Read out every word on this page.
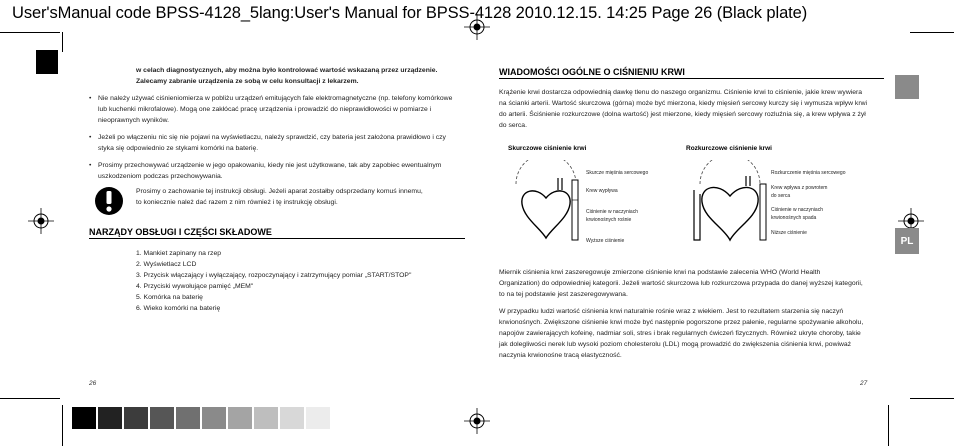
User'sManual code BPSS-4128_5lang:User's Manual for BPSS-4128 2010.12.15. 14:25 Page 26 (Black plate)
PL
w celach diagnostycznych, aby można było kontrolować wartość wskazaną przez urządzenie.
Zalecamy zabranie urządzenia ze sobą w celu konsultacji z lekarzem.
• Nie należy używać ciśnieniomierza w pobliżu urządzeń emitujących fale elektromagnetyczne (np. telefony komórkowe
lub kuchenki mikrofalowe). Mogą one zakłócać pracę urządzenia i prowadzić do nieprawidłowości w pomiarze i
nieoprawnych wyników.
• Jeżeli po włączeniu nic się nie pojawi na wyświetlaczu, należy sprawdzić, czy bateria jest założona prawidłowo i czy
styka się odpowiednio ze stykami komórki na baterię.
• Prosimy przechowywać urządzenie w jego opakowaniu, kiedy nie jest użytkowane, tak aby zapobiec ewentualnym
uszkodzeniom podczas przechowywania.
Prosimy o zachowanie tej instrukcji obsługi. Jeżeli aparat zostałby odsprzedany komuś innemu,
to koniecznie należ dać razem z nim również i tę instrukcję obsługi.
NARZĄDY OBSŁUGI I CZĘŚCI SKŁADOWE
1. Mankiet zapinany na rzep
2. Wyświetlacz LCD
3. Przycisk włączający i wyłączający, rozpoczynający i zatrzymujący pomiar „START/STOP"
4. Przyciski wywołujące pamięć „MEM"
5. Komórka na baterię
6. Wieko komórki na baterię
26
WIADOMOŚCI OGÓLNE O CIŚNIENIU KRWI
Krążenie krwi dostarcza odpowiednią dawkę tlenu do naszego organizmu. Ciśnienie krwi to ciśnienie, jakie krew wywiera
na ścianki arterii. Wartość skurczowa (górna) może być mierzona, kiedy mięsień sercowy kurczy się i wymusza wpływ krwi
do arterii. Ściśnienie rozkurczowe (dolna wartość) jest mierzone, kiedy mięsień sercowy rozluźnia się, a krew wpływa z żył
do serca.
Skurczowe ciśnienie krwi	Rozkurczowe ciśnienie krwi
Skurcze mięśnia sercowego
Krew wypływa
Ciśnienie w naczyniach
krwionośnych rośnie
Wyższe ciśnienie
Rozkurczenie mięśnia sercowego
Krew wpływa z powrotem
do serca
Ciśnienie w naczyniach
krwionośnych spada
Niższe ciśnienie
Miernik ciśnienia krwi zaszeregowuje zmierzone ciśnienie krwi na podstawie zalecenia WHO (World Health
Organization) do odpowiedniej kategorii. Jeżeli wartość skurczowa lub rozkurczowa przypada do danej wyższej kategorii,
to na tej podstawie jest zaszeregowywana.
W przypadku ludzi wartość ciśnienia krwi naturalnie rośnie wraz z wiekiem. Jest to rezultatem starzenia się naczyń
krwionośnych. Zwiększone ciśnienie krwi może być następnie pogorszone przez palenie, regularne spożywanie alkoholu,
napojów zawierających kofeinę, nadmiar soli, stres i brak regularnych ćwiczeń fizycznych. Również ukryte choroby, takie
jak dolegliwości nerek lub wysoki poziom cholesterolu (LDL) mogą prowadzić do zwiększenia ciśnienia krwi, powiważ
naczynia krwionośne tracą elastyczność.
27
